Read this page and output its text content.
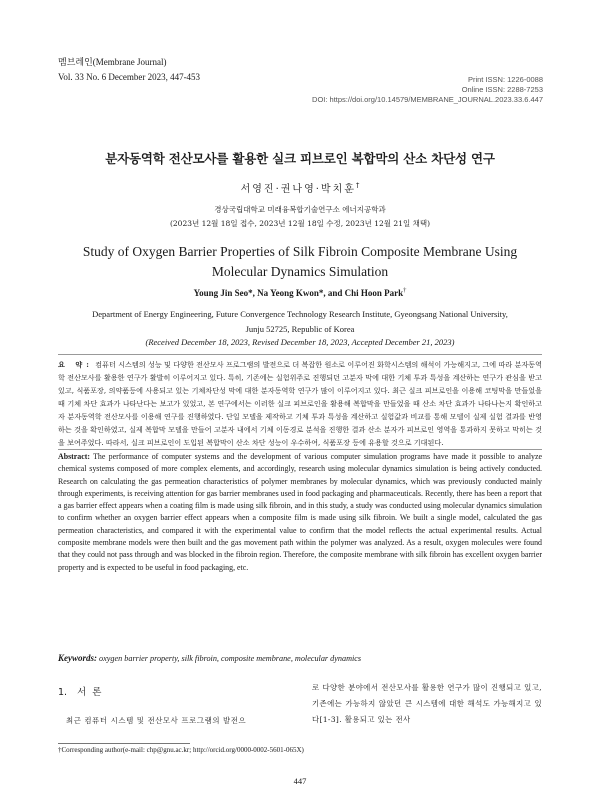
멤브레인(Membrane Journal)
Vol. 33 No. 6 December 2023, 447-453	Print ISSN: 1226-0088
Online ISSN: 2288-7253
DOI: https://doi.org/10.14579/MEMBRANE_JOURNAL.2023.33.6.447
분자동역학 전산모사를 활용한 실크 피브로인 복합막의 산소 차단성 연구
서영진·권나영·박치훈†
경상국립대학교 미래융복합기술연구소 에너지공학과
(2023년 12월 18일 접수, 2023년 12월 18일 수정, 2023년 12월 21일 채택)
Study of Oxygen Barrier Properties of Silk Fibroin Composite Membrane Using
Molecular Dynamics Simulation
Young Jin Seo*, Na Yeong Kwon*, and Chi Hoon Park†
Department of Energy Engineering, Future Convergence Technology Research Institute, Gyeongsang National University,
Junju 52725, Republic of Korea
(Received December 18, 2023, Revised December 18, 2023, Accepted December 21, 2023)
요 약: 컴퓨터 시스템의 성능 및 다양한 전산모사 프로그램의 발전으로 더 복잡한 원소로 이루어진 화학시스템의 해석이 가능해지고, 그에 따라 분자동역학 전산모사를 활용한 연구가 활발히 이루어지고 있다. 특히, 기존에는 실험위주로 진행되던 고분자 막에 대한 기체 투과 특성을 계산하는 연구가 관심을 받고 있고, 식품포장, 의약품등에 사용되고 있는 기체차단성 막에 대한 분자동역학 연구가 많이 이루어지고 있다. 최근 실크 피브로인을 이용해 코팅막을 만들었을 때 기체 차단 효과가 나타난다는 보고가 있었고, 본 연구에서는 이러한 실크 피브로인을 활용해 복합막을 만들었을 때 산소 차단 효과가 나타나는지 확인하고자 분자동역학 전산모사를 이용해 연구를 진행하였다. 단일 모델을 제작하고 기체 투과 특성을 계산하고 실험값과 비교를 통해 모델이 실제 실험 결과를 반영하는 것을 확인하였고, 실제 복합막 모델을 만들어 고분자 내에서 기체 이동경로 분석을 진행한 결과 산소 분자가 피브로인 영역을 통과하지 못하고 막히는 것을 보여주었다. 따라서, 실크 피브로인이 도입된 복합막이 산소 차단 성능이 우수하여, 식품포장 등에 유용할 것으로 기대된다.
Abstract: The performance of computer systems and the development of various computer simulation programs have made it possible to analyze chemical systems composed of more complex elements, and accordingly, research using molecular dynamics simulation is being actively conducted. Research on calculating the gas permeation characteristics of polymer membranes by molecular dynamics, which was previously conducted mainly through experiments, is receiving attention for gas barrier membranes used in food packaging and pharmaceuticals. Recently, there has been a report that a gas barrier effect appears when a coating film is made using silk fibroin, and in this study, a study was conducted using molecular dynamics simulation to confirm whether an oxygen barrier effect appears when a composite film is made using silk fibroin. We built a single model, calculated the gas permeation characteristics, and compared it with the experimental value to confirm that the model reflects the actual experimental results. Actual composite membrane models were then built and the gas movement path within the polymer was analyzed. As a result, oxygen molecules were found that they could not pass through and was blocked in the fibroin region. Therefore, the composite membrane with silk fibroin has excellent oxygen barrier property and is expected to be useful in food packaging, etc.
Keywords: oxygen barrier property, silk fibroin, composite membrane, molecular dynamics
1. 서  론
최근 컴퓨터 시스템 및 전산모사 프로그램의 발전으
로 다양한 분야에서 전산모사를 활용한 연구가 많이 진행되고 있고, 기존에는 가능하지 않았던 큰 시스템에 대한 해석도 가능해지고 있다[1-3]. 활용되고 있는 전사
†Corresponding author(e-mail: chp@gnu.ac.kr; http://orcid.org/0000-0002-5601-065X)
447
